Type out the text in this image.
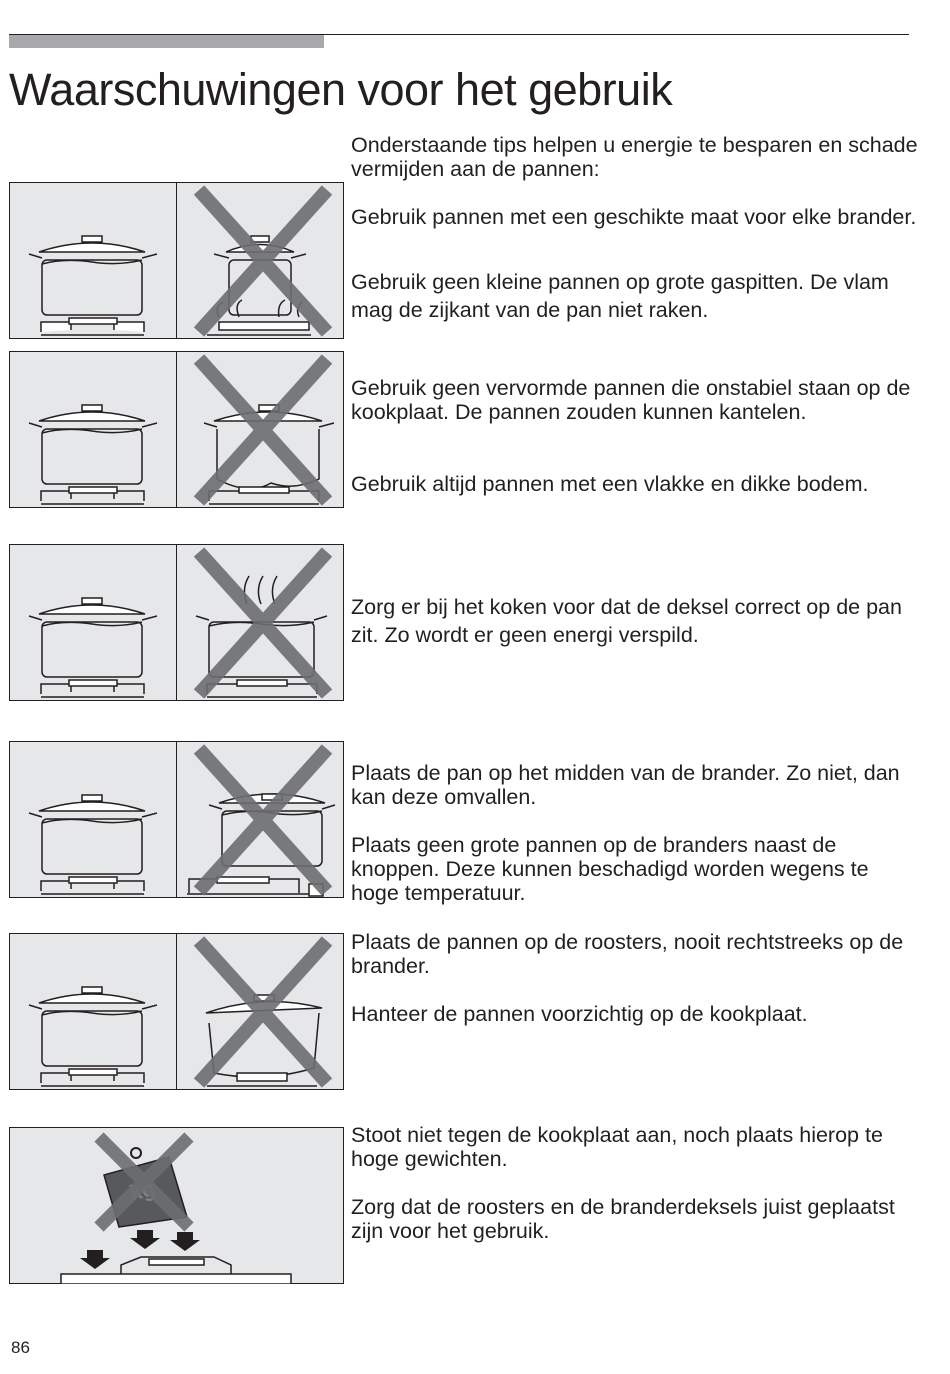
Waarschuwingen voor het gebruik

Onderstaande tips helpen u energie te besparen en schade vermijden aan de pannen:

Gebruik pannen met een geschikte maat voor elke brander.

Gebruik geen kleine pannen op grote gaspitten. De vlam mag de zijkant van de pan niet raken.

Gebruik geen vervormde pannen die onstabiel staan op de kookplaat. De pannen zouden kunnen kantelen.

Gebruik altijd pannen met een vlakke en dikke bodem.

Zorg er bij het koken voor dat de deksel correct op de pan zit. Zo wordt er geen energi verspild.

Plaats de pan op het midden van de brander. Zo niet, dan kan deze omvallen.

Plaats geen grote pannen op de branders naast de knoppen. Deze kunnen beschadigd worden wegens te hoge temperatuur.

Plaats de pannen op de roosters, nooit rechtstreeks op de brander.

Hanteer de pannen voorzichtig op de kookplaat.

Stoot niet tegen de kookplaat aan, noch plaats hierop te hoge gewichten.

Zorg dat de roosters en de branderdeksels juist geplaatst zijn voor het gebruik.

86
